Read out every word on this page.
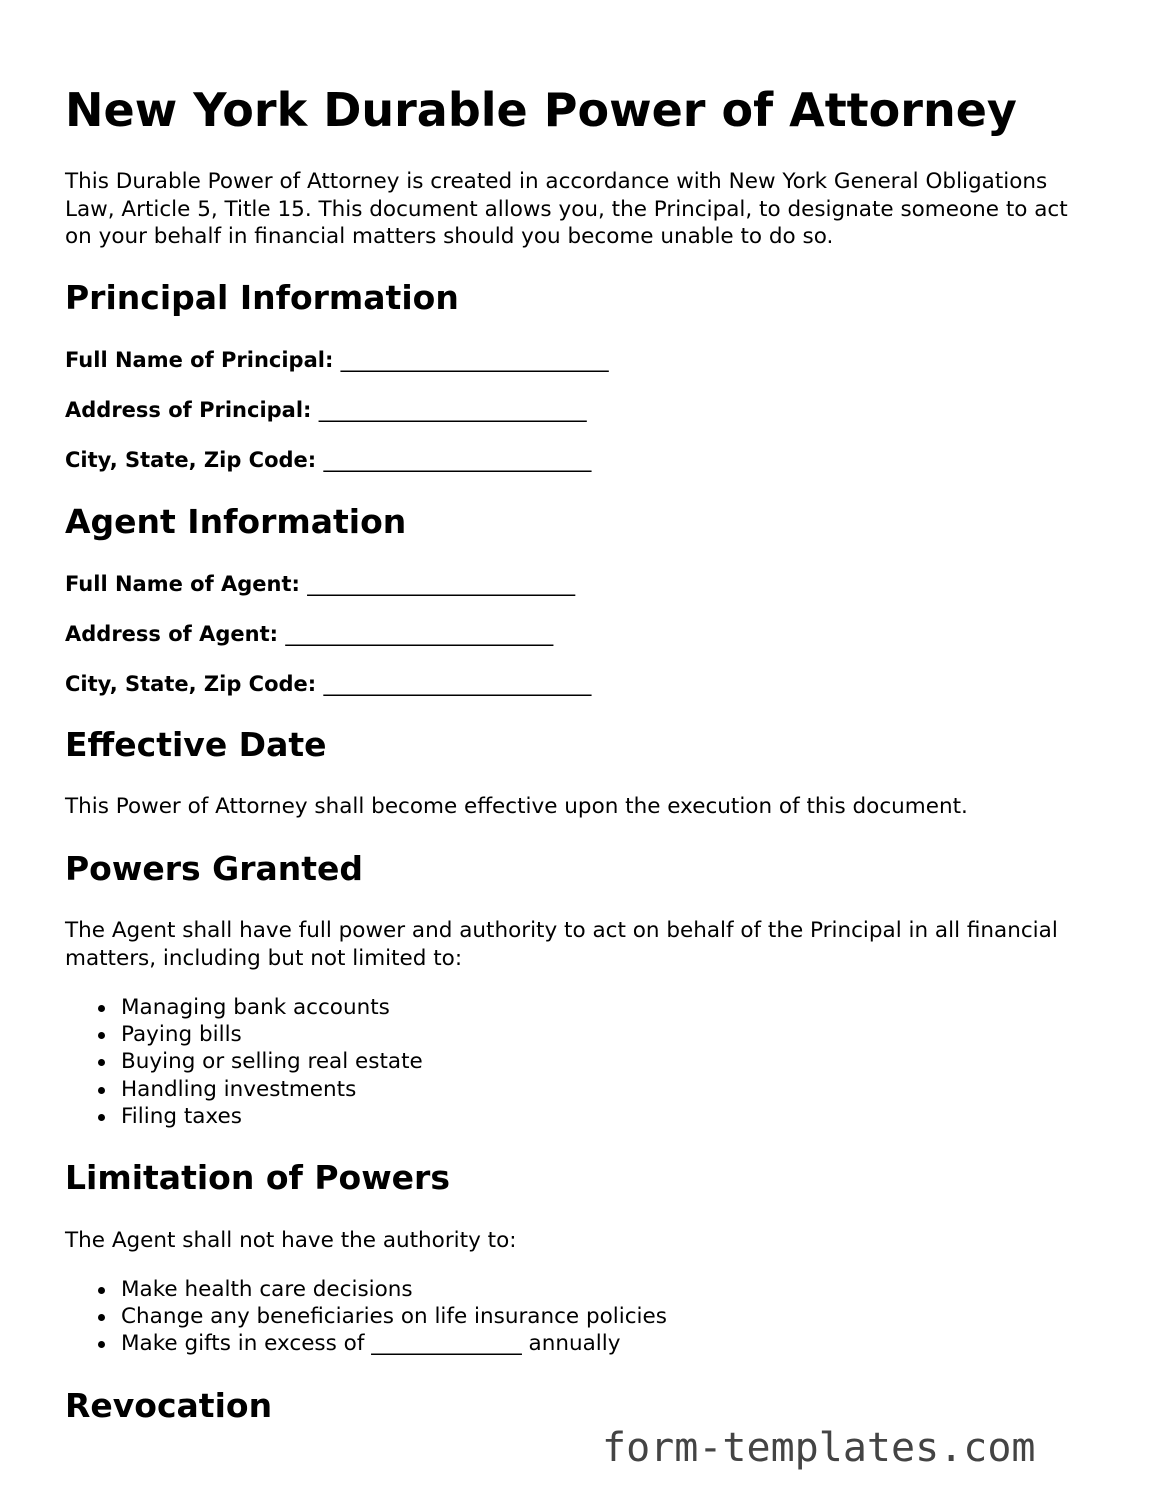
New York Durable Power of Attorney

This Durable Power of Attorney is created in accordance with New York General Obligations Law, Article 5, Title 15. This document allows you, the Principal, to designate someone to act on your behalf in financial matters should you become unable to do so.

Principal Information

Full Name of Principal: ___________________________

Address of Principal: ___________________________

City, State, Zip Code: ___________________________

Agent Information

Full Name of Agent: ___________________________

Address of Agent: ___________________________

City, State, Zip Code: ___________________________

Effective Date

This Power of Attorney shall become effective upon the execution of this document.

Powers Granted

The Agent shall have full power and authority to act on behalf of the Principal in all financial matters, including but not limited to:

Managing bank accounts
Paying bills
Buying or selling real estate
Handling investments
Filing taxes
Limitation of Powers

The Agent shall not have the authority to:

Make health care decisions
Change any beneficiaries on life insurance policies
Make gifts in excess of ______________ annually
Revocation
form-templates.com
